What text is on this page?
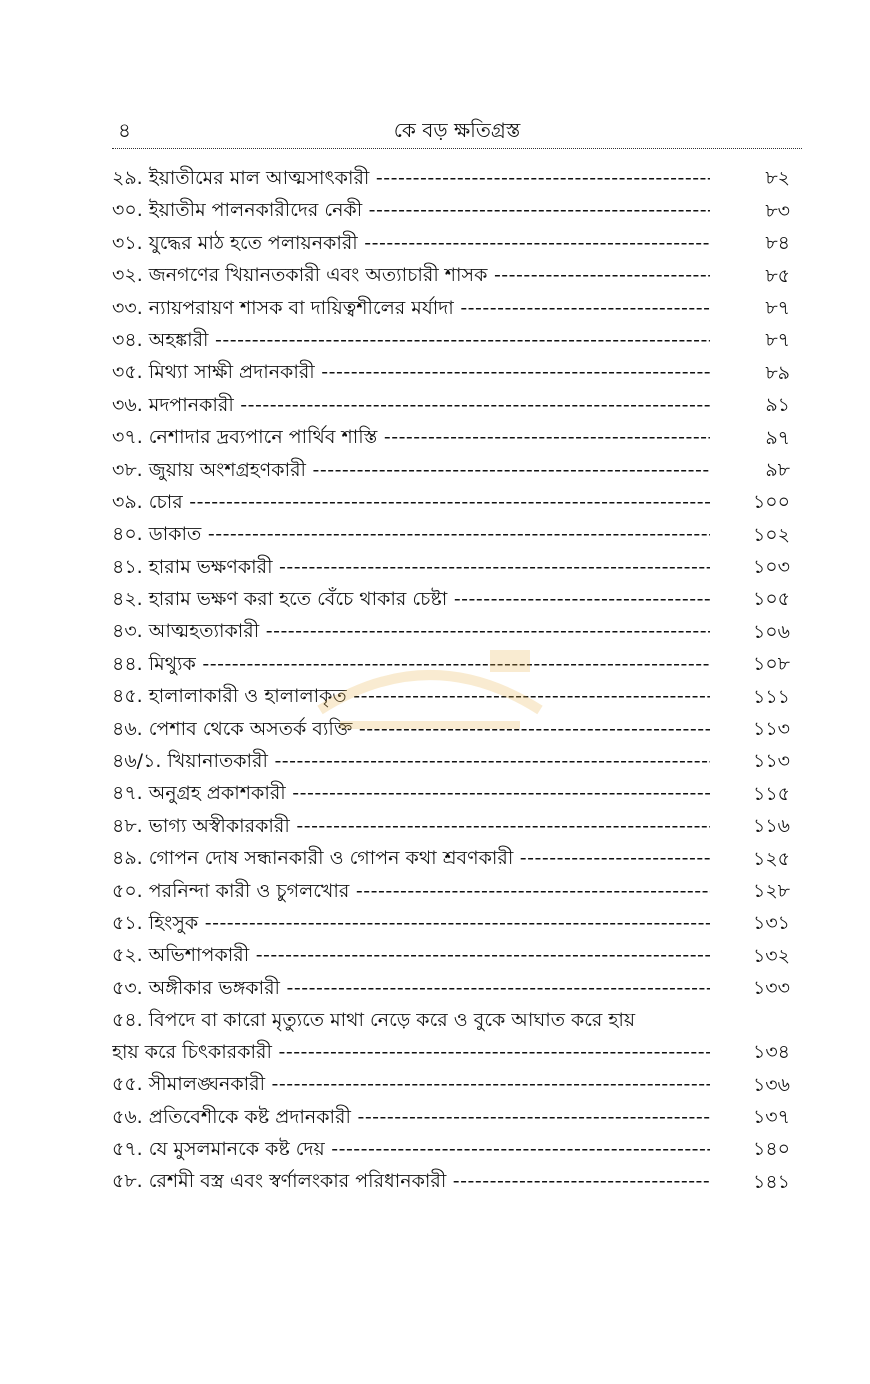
৪	কে বড় ক্ষতিগ্রস্ত
২৯. ইয়াতীমের মাল আত্মসাৎকারী -----	৮২
৩০. ইয়াতীম পালনকারীদের নেকী -----	৮৩
৩১. যুদ্ধের মাঠ হতে পলায়নকারী -----	৮৪
৩২. জনগণের খিয়ানতকারী এবং অত্যাচারী শাসক -----	৮৫
৩৩. ন্যায়পরায়ণ শাসক বা দায়িত্বশীলের মর্যাদা -----	৮৭
৩৪. অহঙ্কারী -----	৮৭
৩৫. মিথ্যা সাক্ষী প্রদানকারী -----	৮৯
৩৬. মদপানকারী -----	৯১
৩৭. নেশাদার দ্রব্যপানে পার্থিব শাস্তি -----	৯৭
৩৮. জুয়ায় অংশগ্রহণকারী -----	৯৮
৩৯. চোর -----	১০০
৪০. ডাকাত -----	১০২
৪১. হারাম ভক্ষণকারী -----	১০৩
৪২. হারাম ভক্ষণ করা হতে বেঁচে থাকার চেষ্টা -----	১০৫
৪৩. আত্মহত্যাকারী -----	১০৬
৪৪. মিথ্যুক -----	১০৮
৪৫. হালালাকারী ও হালালাকৃত -----	১১১
৪৬. পেশাব থেকে অসতর্ক ব্যক্তি -----	১১৩
৪৬/১. খিয়ানাতকারী -----	১১৩
৪৭. অনুগ্রহ প্রকাশকারী -----	১১৫
৪৮. ভাগ্য অস্বীকারকারী -----	১১৬
৪৯. গোপন দোষ সন্ধানকারী ও গোপন কথা শ্রবণকারী -----	১২৫
৫০. পরনিন্দা কারী ও চুগলখোর -----	১২৮
৫১. হিংসুক -----	১৩১
৫২. অভিশাপকারী -----	১৩২
৫৩. অঙ্গীকার ভঙ্গকারী -----	১৩৩
৫৪. বিপদে বা কারো মৃত্যুতে মাথা নেড়ে করে ও বুকে আঘাত করে হায়
হায় করে চিৎকারকারী -----	১৩৪
৫৫. সীমালঙ্ঘনকারী -----	১৩৬
৫৬. প্রতিবেশীকে কষ্ট প্রদানকারী -----	১৩৭
৫৭. যে মুসলমানকে কষ্ট দেয় -----	১৪০
৫৮. রেশমী বস্ত্র এবং স্বর্ণালংকার পরিধানকারী -----	১৪১
